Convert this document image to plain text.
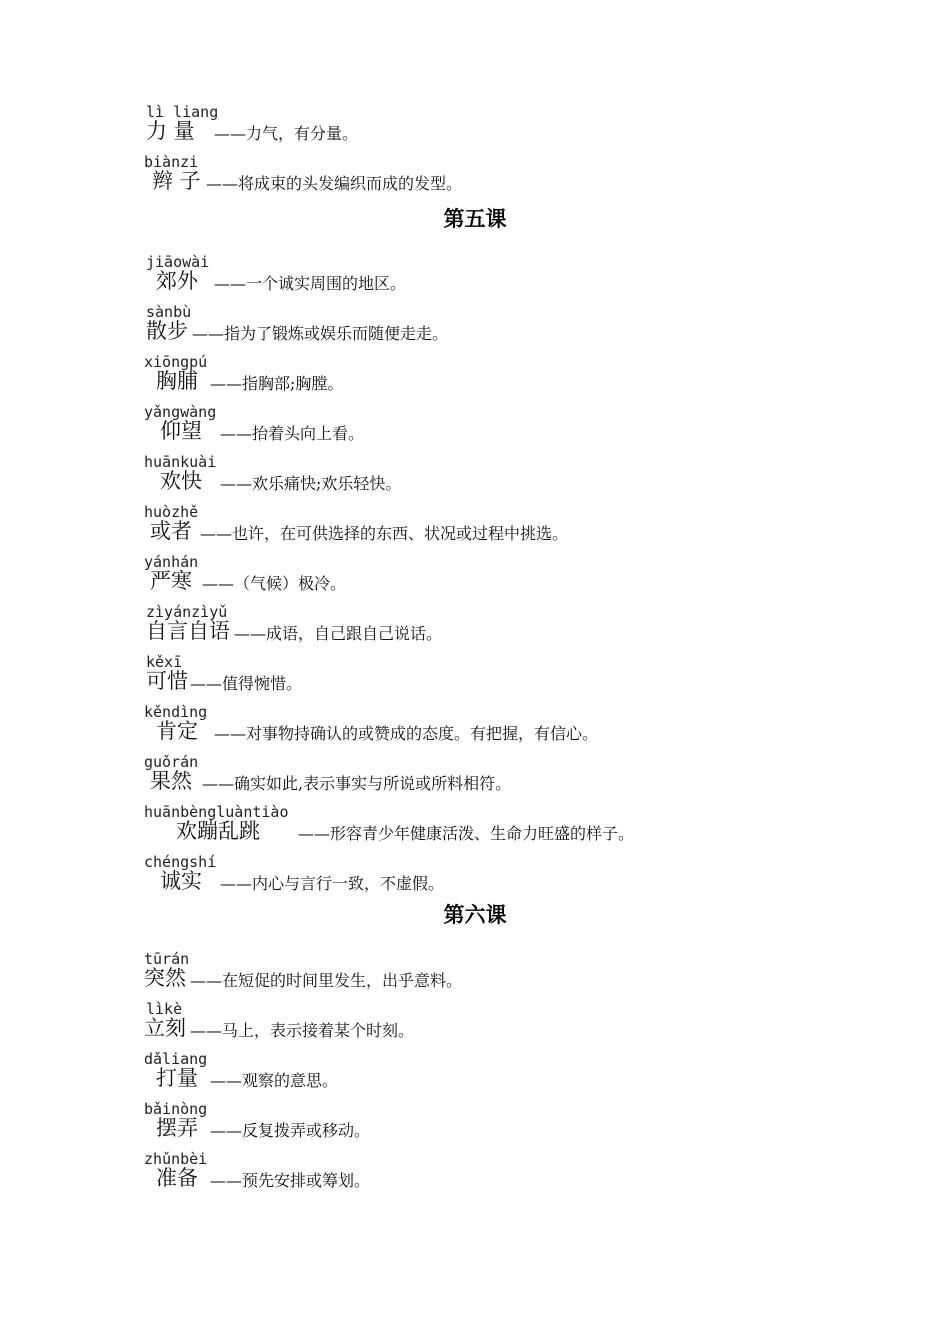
lì liang
力 量 ——力气，有分量。
biànzi
辫 子 ——将成束的头发编织而成的发型。
第五课
jiāowài
郊外 ——一个诚实周围的地区。
sànbù
散步 ——指为了锻炼或娱乐而随便走走。
xiōngpú
胸脯 ——指胸部;胸膛。
yǎngwàng
仰望 ——抬着头向上看。
huānkuài
欢快 ——欢乐痛快;欢乐轻快。
huòzhě
或者 ——也许，在可供选择的东西、状况或过程中挑选。
yánhán
严寒 ——（气候）极冷。
zìyánzìyǔ
自言自语 ——成语，自己跟自己说话。
kěxī
可惜 ——值得惋惜。
kěndìng
肯定 ——对事物持确认的或赞成的态度。有把握，有信心。
guǒrán
果然 ——确实如此,表示事实与所说或所料相符。
huānbèngluàntiào
欢蹦乱跳 ——形容青少年健康活泼、生命力旺盛的样子。
chéngshí
诚实 ——内心与言行一致，不虚假。
第六课
tūrán
突然 ——在短促的时间里发生，出乎意料。
lìkè
立刻 ——马上，表示接着某个时刻。
dǎliang
打量 ——观察的意思。
bǎinòng
摆弄 ——反复拨弄或移动。
zhǔnbèi
准备 ——预先安排或筹划。
